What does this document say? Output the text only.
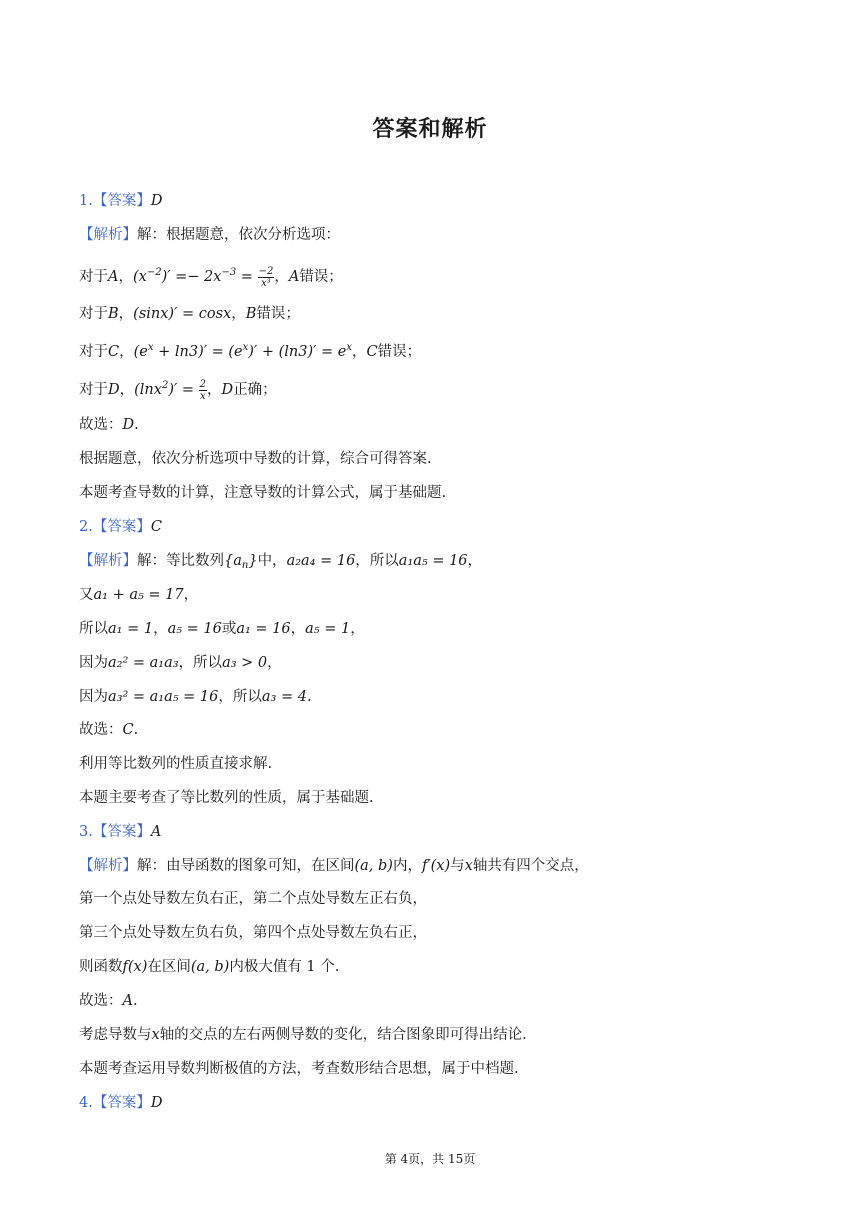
答案和解析
1.【答案】D
【解析】解：根据题意，依次分析选项：
对于A，$(x^{-2})' =- 2x^{-3} = \frac{-2}{\text{x³}}$ ，A错误；
对于B，(sinx)′ = cosx，B错误；
对于C，$(e^x + \ln 3)' = (e^x)' + (\ln 3)' = e^x$，C错误；
对于D，$(\ln x^2)' = \frac{2}{x}$ ，D正确；
故选：D.
根据题意，依次分析选项中导数的计算，综合可得答案.
本题考查导数的计算，注意导数的计算公式，属于基础题.
2.【答案】C
【解析】解：等比数列$\{a_n\}$中，a₂a₄ = 16，所以a₁a₅ = 16，
又a₁ + a₅ = 17，
所以a₁ = 1，a₅ = 16或a₁ = 16，a₅ = 1，
因为a₂² = a₁a₃，所以a₃ > 0，
因为a₃² = a₁a₅ = 16，所以a₃ = 4.
故选：C.
利用等比数列的性质直接求解.
本题主要考查了等比数列的性质，属于基础题.
3.【答案】A
【解析】解：由导函数的图象可知，在区间(a, b)内，f′(x)与x轴共有四个交点，
第一个点处导数左负右正，第二个点处导数左正右负，
第三个点处导数左负右负，第四个点处导数左负右正，
则函数f(x)在区间(a, b)内极大值有 1 个.
故选：A.
考虑导数与x轴的交点的左右两侧导数的变化，结合图象即可得出结论.
本题考查运用导数判断极值的方法，考查数形结合思想，属于中档题.
4.【答案】D
第 4页，共 15页
